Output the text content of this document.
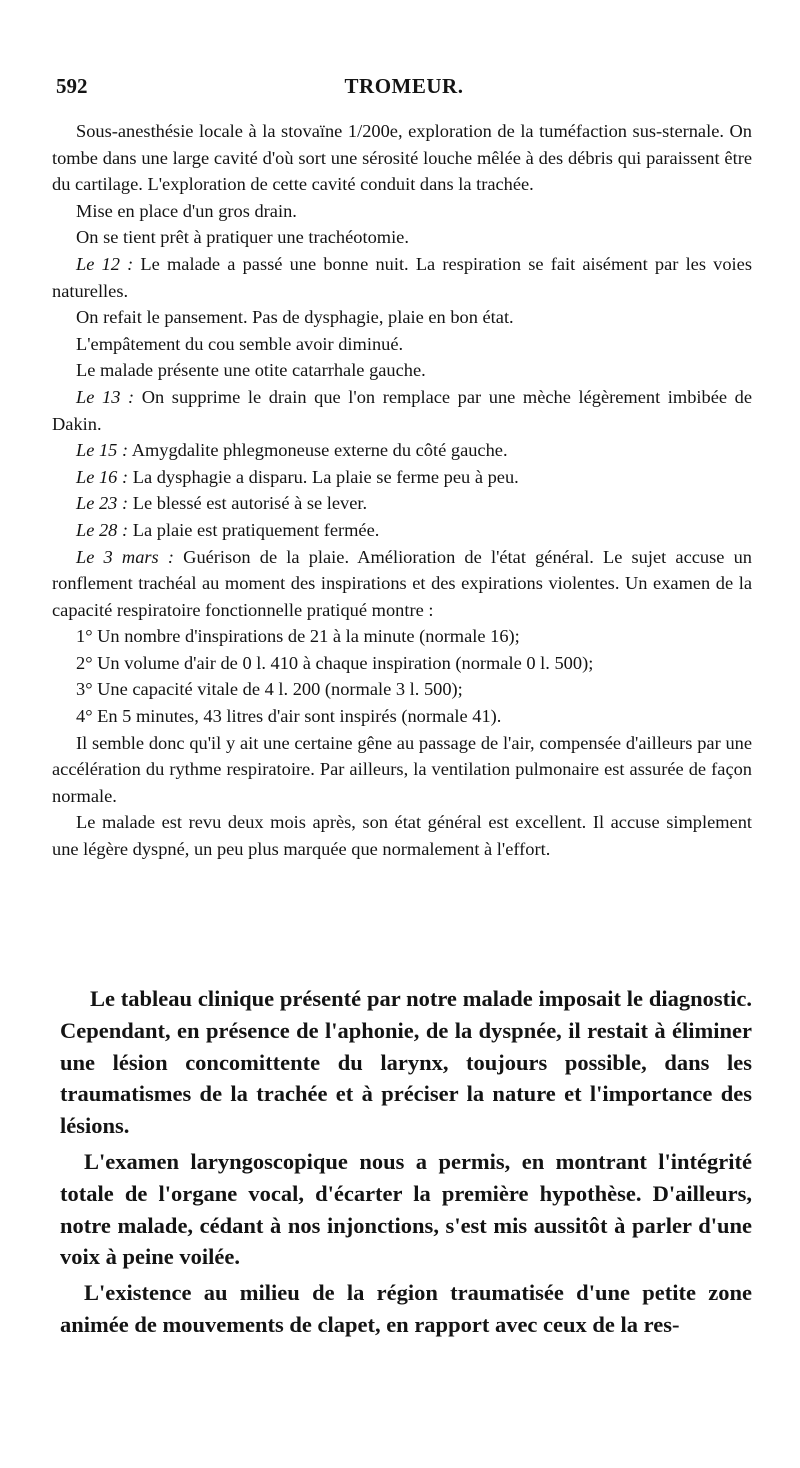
592	TROMEUR.

Sous-anesthésie locale à la stovaïne 1/200e, exploration de la tuméfaction sus-sternale. On tombe dans une large cavité d'où sort une sérosité louche mêlée à des débris qui paraissent être du cartilage. L'exploration de cette cavité conduit dans la trachée.

Mise en place d'un gros drain.

On se tient prêt à pratiquer une trachéotomie.

Le 12 : Le malade a passé une bonne nuit. La respiration se fait aisément par les voies naturelles.

On refait le pansement. Pas de dysphagie, plaie en bon état.

L'empâtement du cou semble avoir diminué.

Le malade présente une otite catarrhale gauche.

Le 13 : On supprime le drain que l'on remplace par une mèche légèrement imbibée de Dakin.

Le 15 : Amygdalite phlegmoneuse externe du côté gauche.

Le 16 : La dysphagie a disparu. La plaie se ferme peu à peu.

Le 23 : Le blessé est autorisé à se lever.

Le 28 : La plaie est pratiquement fermée.

Le 3 mars : Guérison de la plaie. Amélioration de l'état général. Le sujet accuse un ronflement trachéal au moment des inspirations et des expirations violentes. Un examen de la capacité respiratoire fonctionnelle pratiqué montre :

1° Un nombre d'inspirations de 21 à la minute (normale 16);

2° Un volume d'air de 0 l. 410 à chaque inspiration (normale 0 l. 500);

3° Une capacité vitale de 4 l. 200 (normale 3 l. 500);

4° En 5 minutes, 43 litres d'air sont inspirés (normale 41).

Il semble donc qu'il y ait une certaine gêne au passage de l'air, compensée d'ailleurs par une accélération du rythme respiratoire. Par ailleurs, la ventilation pulmonaire est assurée de façon normale.

Le malade est revu deux mois après, son état général est excellent. Il accuse simplement une légère dyspné, un peu plus marquée que normalement à l'effort.

Le tableau clinique présenté par notre malade imposait le diagnostic. Cependant, en présence de l'aphonie, de la dyspnée, il restait à éliminer une lésion concomittente du larynx, toujours possible, dans les traumatismes de la trachée et à préciser la nature et l'importance des lésions.

L'examen laryngoscopique nous a permis, en montrant l'intégrité totale de l'organe vocal, d'écarter la première hypothèse. D'ailleurs, notre malade, cédant à nos injonctions, s'est mis aussitôt à parler d'une voix à peine voilée.

L'existence au milieu de la région traumatisée d'une petite zone animée de mouvements de clapet, en rapport avec ceux de la res-
